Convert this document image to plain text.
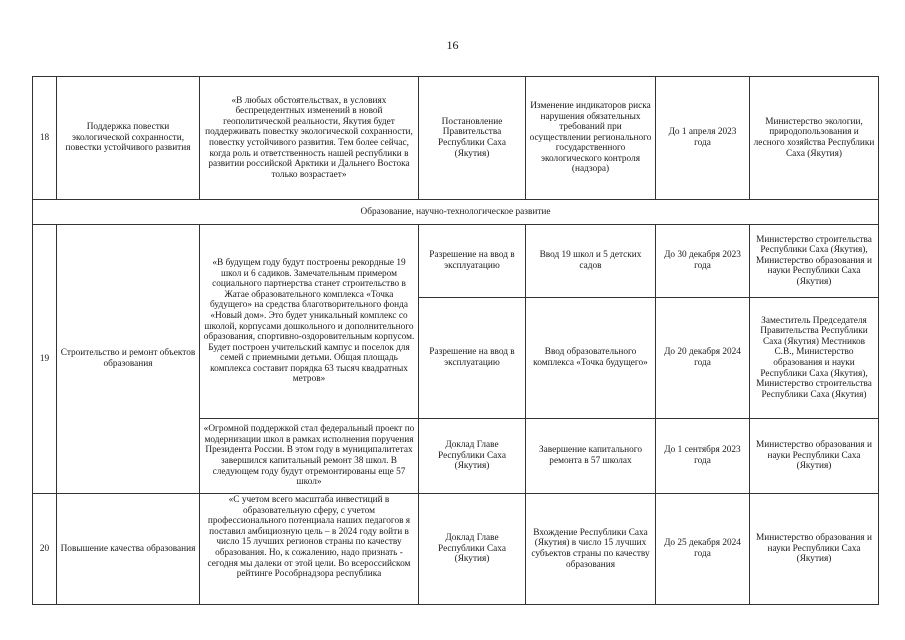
16
18	Поддержка повестки экологической сохранности, повестки устойчивого развития	«В любых обстоятельствах, в условиях беспрецедентных изменений в новой геополитической реальности, Якутия будет поддерживать повестку экологической сохранности, повестку устойчивого развития. Тем более сейчас, когда роль и ответственность нашей республики в развитии российской Арктики и Дальнего Востока только возрастает»	Постановление Правительства Республики Саха (Якутия)	Изменение индикаторов риска нарушения обязательных требований при осуществлении регионального государственного экологического контроля (надзора)	До 1 апреля 2023 года	Министерство экологии, природопользования и лесного хозяйства Республики Саха (Якутия)
Образование, научно-технологическое развитие						
19	Строительство и ремонт объектов образования	«В будущем году будут построены рекордные 19 школ и 6 садиков. Замечательным примером социального партнерства станет строительство в Жатае образовательного комплекса «Точка будущего» на средства благотворительного фонда «Новый дом». Это будет уникальный комплекс со школой, корпусами дошкольного и дополнительного образования, спортивно-оздоровительным корпусом. Будет построен учительский кампус и поселок для семей с приемными детьми. Общая площадь комплекса составит порядка 63 тысяч квадратных метров»	Разрешение на ввод в эксплуатацию	Ввод 19 школ и 5 детских садов	До 30 декабря 2023 года	Министерство строительства Республики Саха (Якутия), Министерство образования и науки Республики Саха (Якутия)
			Разрешение на ввод в эксплуатацию	Ввод образовательного комплекса «Точка будущего»	До 20 декабря 2024 года	Заместитель Председателя Правительства Республики Саха (Якутия) Местников С.В., Министерство образования и науки Республики Саха (Якутия), Министерство строительства Республики Саха (Якутия)
		«Огромной поддержкой стал федеральный проект по модернизации школ в рамках исполнения поручения Президента России. В этом году в муниципалитетах завершился капитальный ремонт 38 школ. В следующем году будут отремонтированы еще 57 школ»	Доклад Главе Республики Саха (Якутия)	Завершение капитального ремонта в 57 школах	До 1 сентября 2023 года	Министерство образования и науки Республики Саха (Якутия)
20	Повышение качества образования	«С учетом всего масштаба инвестиций в образовательную сферу, с учетом профессионального потенциала наших педагогов я поставил амбициозную цель – в 2024 году войти в число 15 лучших регионов страны по качеству образования. Но, к сожалению, надо признать - сегодня мы далеки от этой цели. Во всероссийском рейтинге Рособрнадзора республика	Доклад Главе Республики Саха (Якутия)	Вхождение Республики Саха (Якутия) в число 15 лучших субъектов страны по качеству образования	До 25 декабря 2024 года	Министерство образования и науки Республики Саха (Якутия)
